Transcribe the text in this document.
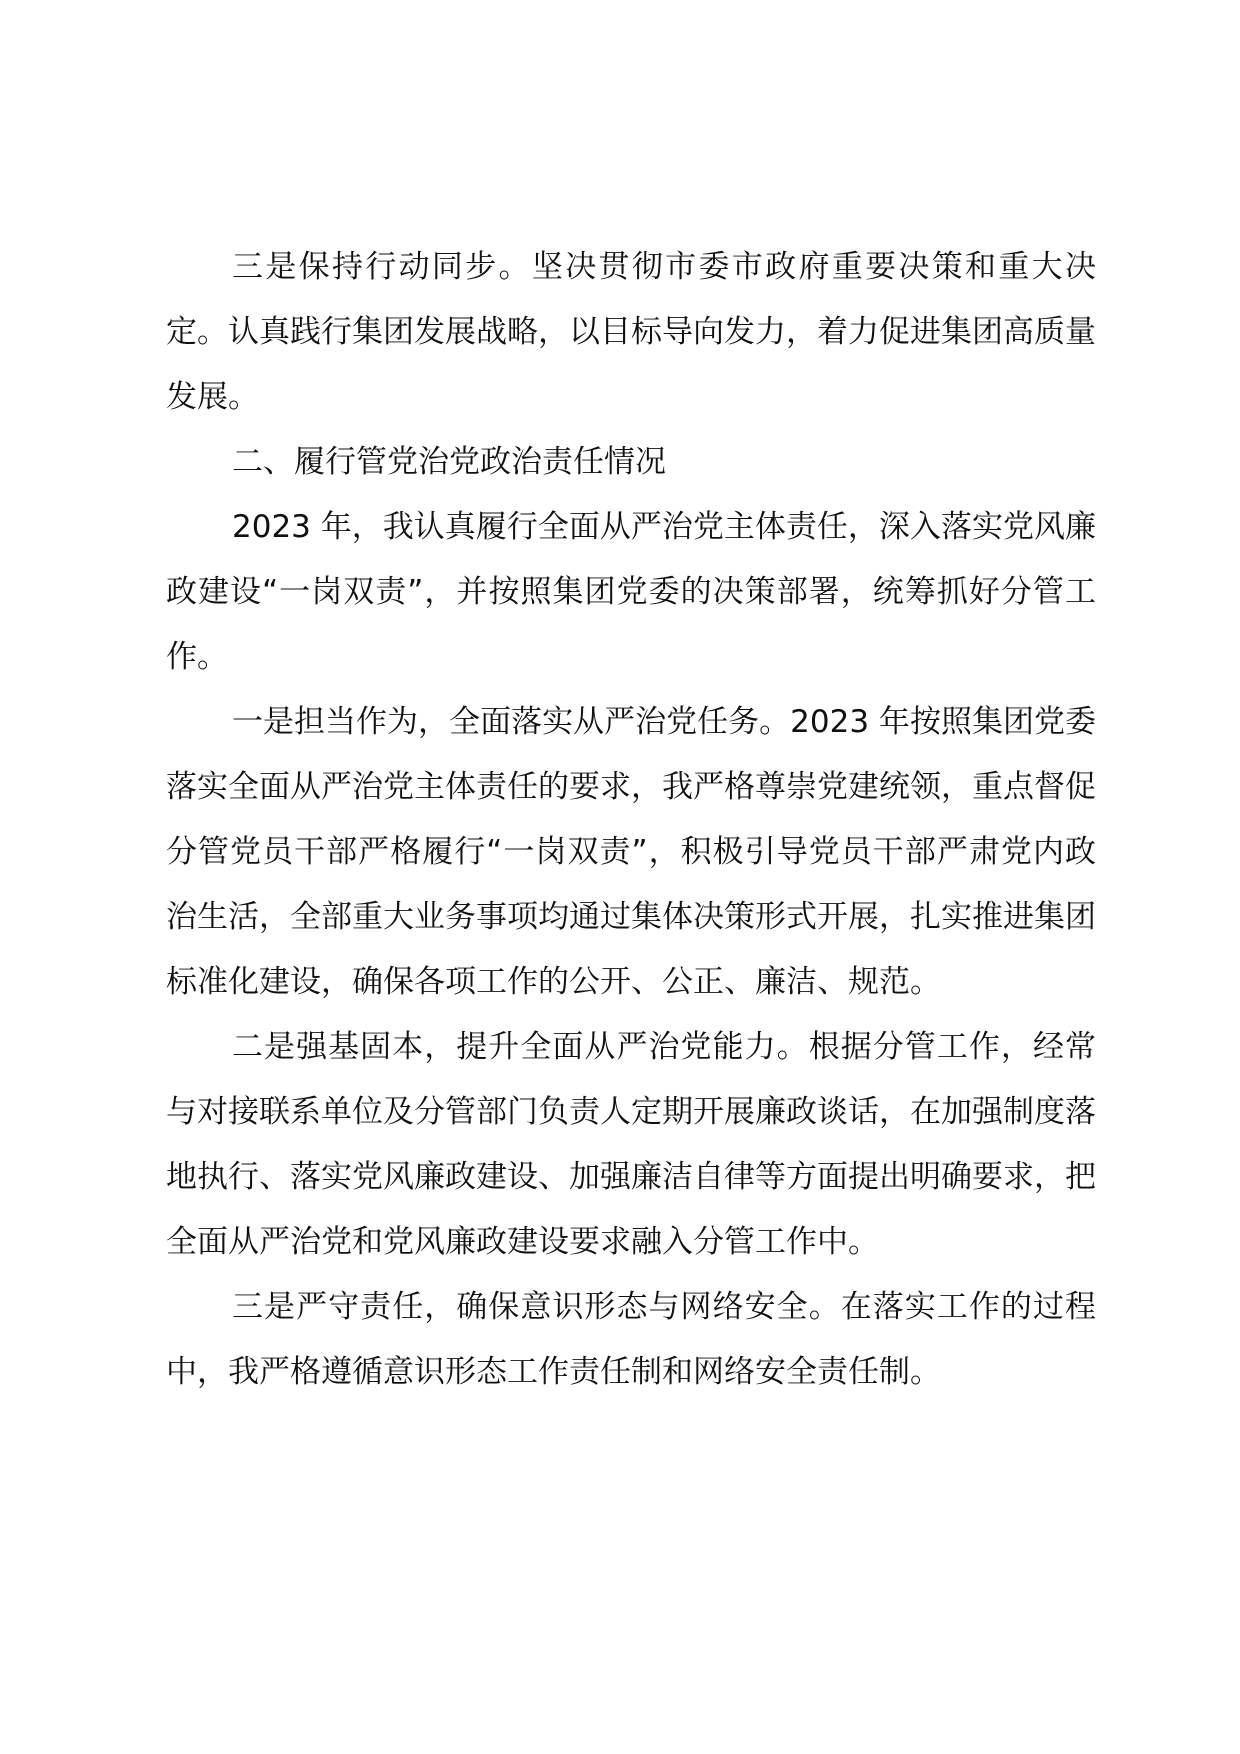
三是保持行动同步。坚决贯彻市委市政府重要决策和重大决定。认真践行集团发展战略，以目标导向发力，着力促进集团高质量发展。

二、履行管党治党政治责任情况

2023 年，我认真履行全面从严治党主体责任，深入落实党风廉政建设“一岗双责”，并按照集团党委的决策部署，统筹抓好分管工作。

一是担当作为，全面落实从严治党任务。2023 年按照集团党委落实全面从严治党主体责任的要求，我严格尊崇党建统领，重点督促分管党员干部严格履行“一岗双责”，积极引导党员干部严肃党内政治生活，全部重大业务事项均通过集体决策形式开展，扎实推进集团标准化建设，确保各项工作的公开、公正、廉洁、规范。

二是强基固本，提升全面从严治党能力。根据分管工作，经常与对接联系单位及分管部门负责人定期开展廉政谈话，在加强制度落地执行、落实党风廉政建设、加强廉洁自律等方面提出明确要求，把全面从严治党和党风廉政建设要求融入分管工作中。

三是严守责任，确保意识形态与网络安全。在落实工作的过程中，我严格遵循意识形态工作责任制和网络安全责任制。
